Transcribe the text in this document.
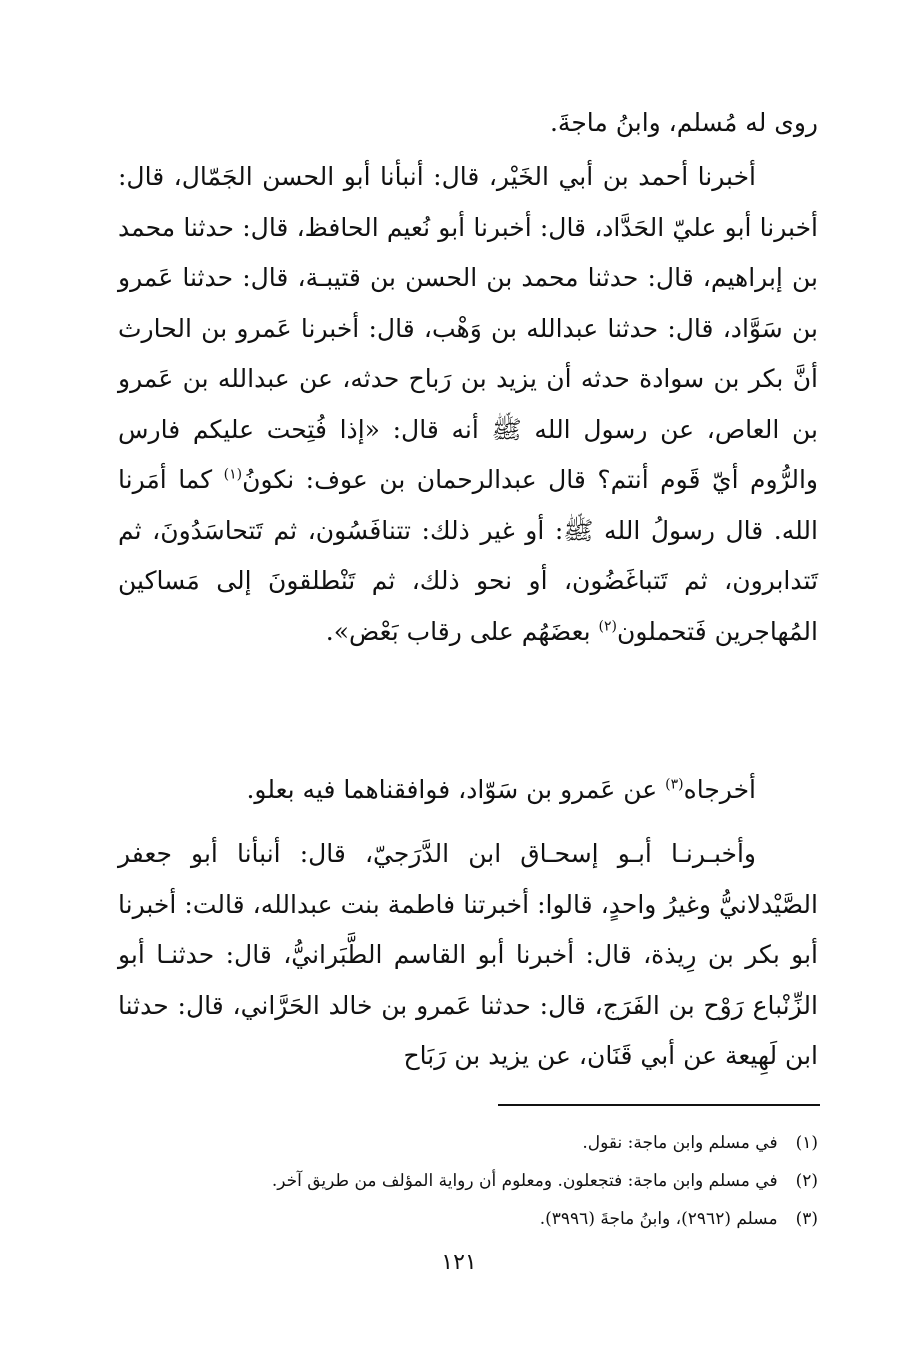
روى له مُسلم، وابنُ ماجةَ.

أخبرنا أحمد بن أبي الخَيْر، قال: أنبأنا أبو الحسن الجَمّال، قال: أخبرنا أبو عليّ الحَدَّاد، قال: أخبرنا أبو نُعيم الحافظ، قال: حدثنا محمد بن إبراهيم، قال: حدثنا محمد بن الحسن بن قتيبـة، قال: حدثنا عَمرو بن سَوَّاد، قال: حدثنا عبدالله بن وَهْب، قال: أخبرنا عَمرو بن الحارث أنَّ بكر بن سوادة حدثه أن يزيد بن رَباح حدثه، عن عبدالله بن عَمرو بن العاص، عن رسول الله ﷺ أنه قال: «إذا فُتِحت عليكم فارس والرُّوم أيّ قَوم أنتم؟ قال عبدالرحمان بن عوف: نكونُ$^{(١)}$ كما أمَرنا الله. قال رسولُ الله ﷺ: أو غير ذلك: تتنافَسُون، ثم تَتحاسَدُونَ، ثم تَتدابرون، ثم تَتباغَضُون، أو نحو ذلك، ثم تَنْطلقونَ إلى مَساكين المُهاجرين فَتحملون$^{(٢)}$ بعضَهُم على رقاب بَعْض».

أخرجاه$^{(٣)}$ عن عَمرو بن سَوّاد، فوافقناهما فيه بعلو.

وأخبـرنـا أبـو إسحـاق ابن الدَّرَجيّ، قال: أنبأنا أبو جعفر الصَّيْدلانيُّ وغيرُ واحدٍ، قالوا: أخبرتنا فاطمة بنت عبدالله، قالت: أخبرنا أبو بكر بن رِيذة، قال: أخبرنا أبو القاسم الطَّبَرانيُّ، قال: حدثنـا أبو الزِّنْباع رَوْح بن الفَرَج، قال: حدثنا عَمرو بن خالد الحَرَّاني، قال: حدثنا ابن لَهِيعة عن أبي قَنَان، عن يزيد بن رَبَاح

(١)
في مسلم وابن ماجة: نقول.
(٢)
في مسلم وابن ماجة: فتجعلون. ومعلوم أن رواية المؤلف من طريق آخر.
(٣)
مسلم (٢٩٦٢)، وابنُ ماجةَ (٣٩٩٦).
١٢١
